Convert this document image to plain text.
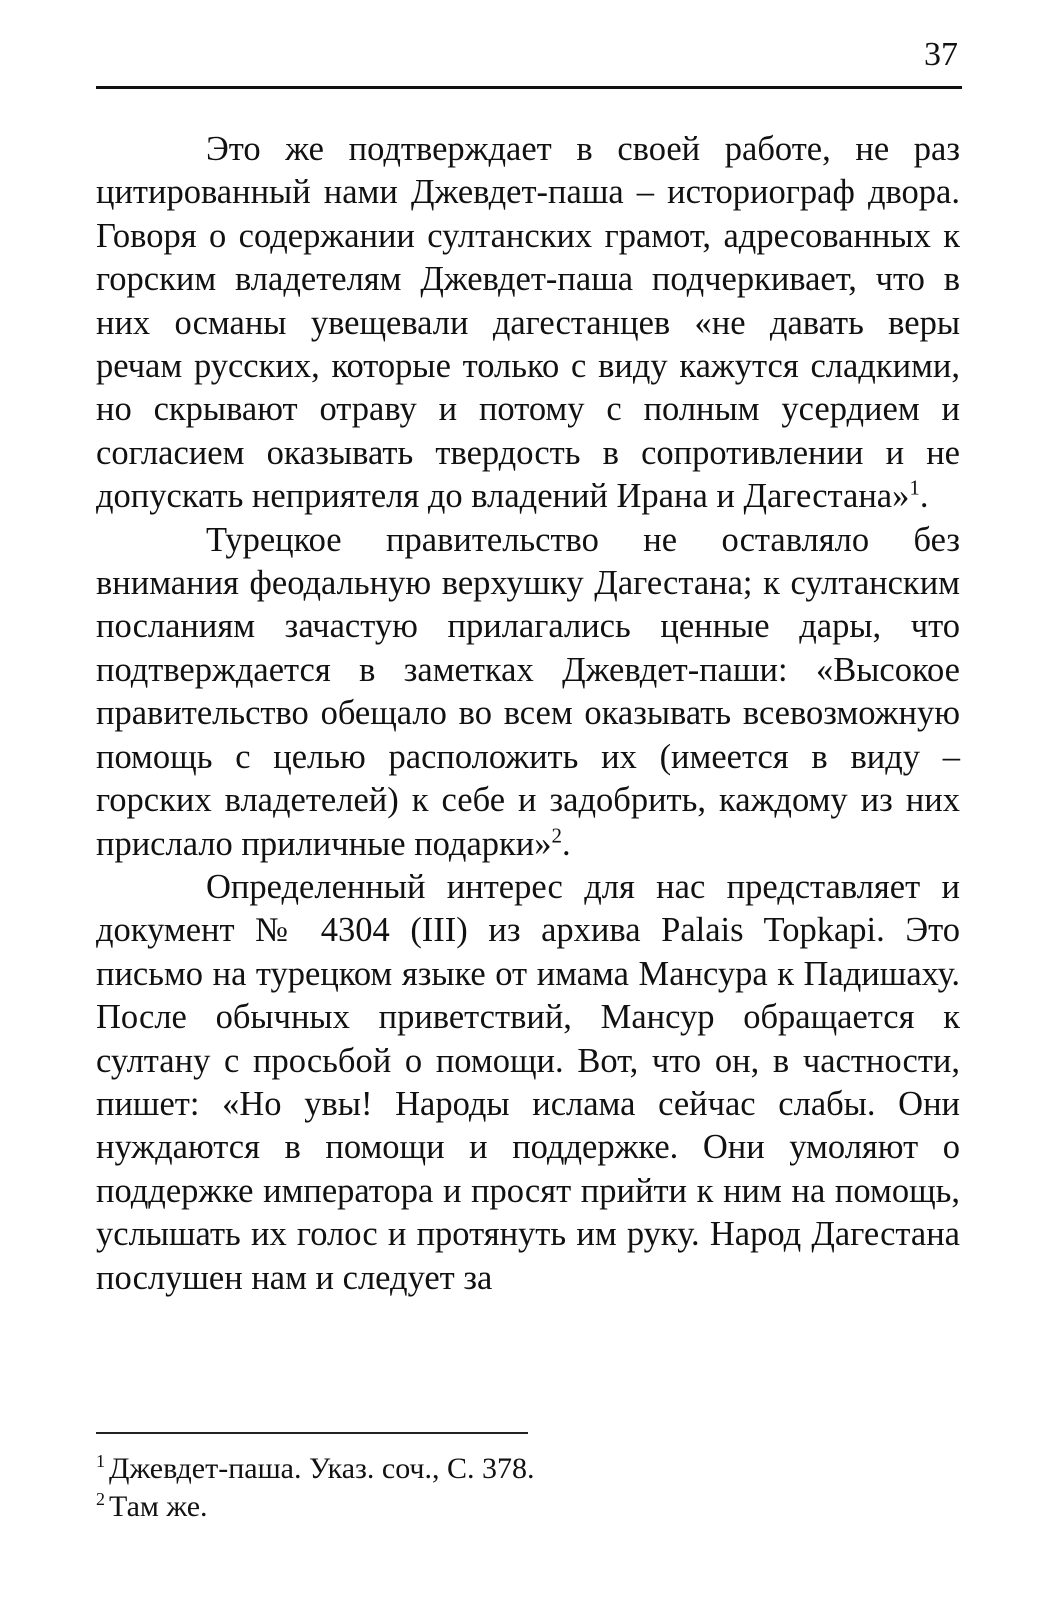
37

Это же подтверждает в своей работе, не раз цитированный нами Джевдет-паша – историограф двора. Говоря о содержании султанских грамот, адресованных к горским владетелям Джевдет-паша подчеркивает, что в них османы увещевали дагестанцев «не давать веры речам русских, которые только с виду кажутся сладкими, но скрывают отраву и потому с полным усердием и согласием оказывать твердость в сопротивлении и не допускать неприятеля до владений Ирана и Дагестана»$^1$.

Турецкое правительство не оставляло без внимания феодальную верхушку Дагестана; к султанским посланиям зачастую прилагались ценные дары, что подтверждается в заметках Джевдет-паши: «Высокое правительство обещало во всем оказывать всевозможную помощь с целью расположить их (имеется в виду – горских владетелей) к себе и задобрить, каждому из них прислало приличные подарки»$^2$.

Определенный интерес для нас представляет и документ № 4304 (III) из архива Palais Topkapi. Это письмо на турецком языке от имама Мансура к Падишаху. После обычных приветствий, Мансур обращается к султану с просьбой о помощи. Вот, что он, в частности, пишет: «Но увы! Народы ислама сейчас слабы. Они нуждаются в помощи и поддержке. Они умоляют о поддержке императора и просят прийти к ним на помощь, услышать их голос и протянуть им руку. Народ Дагестана послушен нам и следует за

$^1$ Джевдет-паша. Указ. соч., С. 378.

$^2$ Там же.
